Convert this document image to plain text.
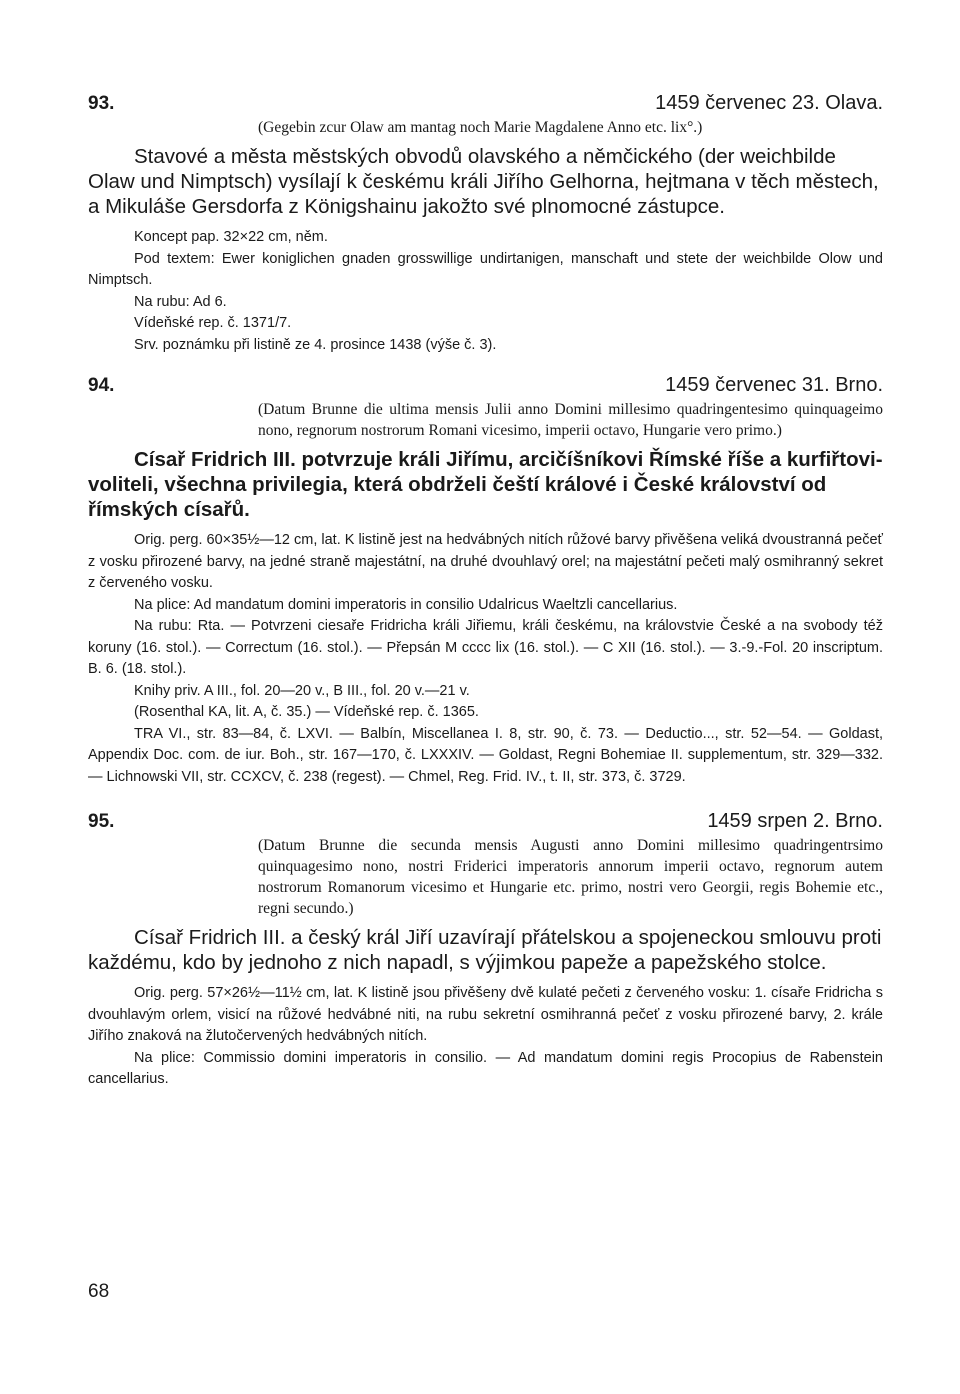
93.	1459 červenec 23. Olava.
(Gegebin zcur Olaw am mantag noch Marie Magdalene Anno etc. lix°.)

Stavové a města městských obvodů olavského a němčického (der weichbilde Olaw und Nimptsch) vysílají k českému králi Jiřího Gelhorna, hejtmana v těch městech, a Mikuláše Gersdorfa z Königshainu jakožto své plnomocné zástupce.

Koncept pap. 32×22 cm, něm.

Pod textem: Ewer koniglichen gnaden grosswillige undirtanigen, manschaft und stete der weichbilde Olow und Nimptsch.

Na rubu: Ad 6.

Vídeňské rep. č. 1371/7.

Srv. poznámku při listině ze 4. prosince 1438 (výše č. 3).

94.	1459 červenec 31. Brno.
(Datum Brunne die ultima mensis Julii anno Domini millesimo quadringentesimo quinquageimo nono, regnorum nostrorum Romani vicesimo, imperii octavo, Hungarie vero primo.)

Císař Fridrich III. potvrzuje králi Jiřímu, arcičíšníkovi Římské říše a kurfiřtovi-voliteli, všechna privilegia, která obdrželi čeští králové i České království od římských císařů.

Orig. perg. 60×35½—12 cm, lat. K listině jest na hedvábných nitích růžové barvy přivěšena veliká dvoustranná pečeť z vosku přirozené barvy, na jedné straně majestátní, na druhé dvouhlavý orel; na majestátní pečeti malý osmihranný sekret z červeného vosku.

Na plice: Ad mandatum domini imperatoris in consilio Udalricus Waeltzli cancellarius.

Na rubu: Rta. — Potvrzeni ciesaře Fridricha králi Jiřiemu, králi českému, na královstvie České a na svobody též koruny (16. stol.). — Correctum (16. stol.). — Přepsán M cccc lix (16. stol.). — C XII (16. stol.). — 3.-9.-Fol. 20 inscriptum. B. 6. (18. stol.).

Knihy priv. A III., fol. 20—20 v., B III., fol. 20 v.—21 v.

(Rosenthal KA, lit. A, č. 35.) — Vídeňské rep. č. 1365.

TRA VI., str. 83—84, č. LXVI. — Balbín, Miscellanea I. 8, str. 90, č. 73. — Deductio..., str. 52—54. — Goldast, Appendix Doc. com. de iur. Boh., str. 167—170, č. LXXXIV. — Goldast, Regni Bohemiae II. supplementum, str. 329—332. — Lichnowski VII, str. CCXCV, č. 238 (regest). — Chmel, Reg. Frid. IV., t. II, str. 373, č. 3729.

95.	1459 srpen 2. Brno.
(Datum Brunne die secunda mensis Augusti anno Domini millesimo quadringentrsimo quinquagesimo nono, nostri Friderici imperatoris annorum imperii octavo, regnorum autem nostrorum Romanorum vicesimo et Hungarie etc. primo, nostri vero Georgii, regis Bohemie etc., regni secundo.)

Císař Fridrich III. a český král Jiří uzavírají přátelskou a spojeneckou smlouvu proti každému, kdo by jednoho z nich napadl, s výjimkou papeže a papežského stolce.

Orig. perg. 57×26½—11½ cm, lat. K listině jsou přivěšeny dvě kulaté pečeti z červeného vosku: 1. císaře Fridricha s dvouhlavým orlem, visicí na růžové hedvábné niti, na rubu sekretní osmihranná pečeť z vosku přirozené barvy, 2. krále Jiřího znaková na žlutočervených hedvábných nitích.

Na plice: Commissio domini imperatoris in consilio. — Ad mandatum domini regis Procopius de Rabenstein cancellarius.

68
